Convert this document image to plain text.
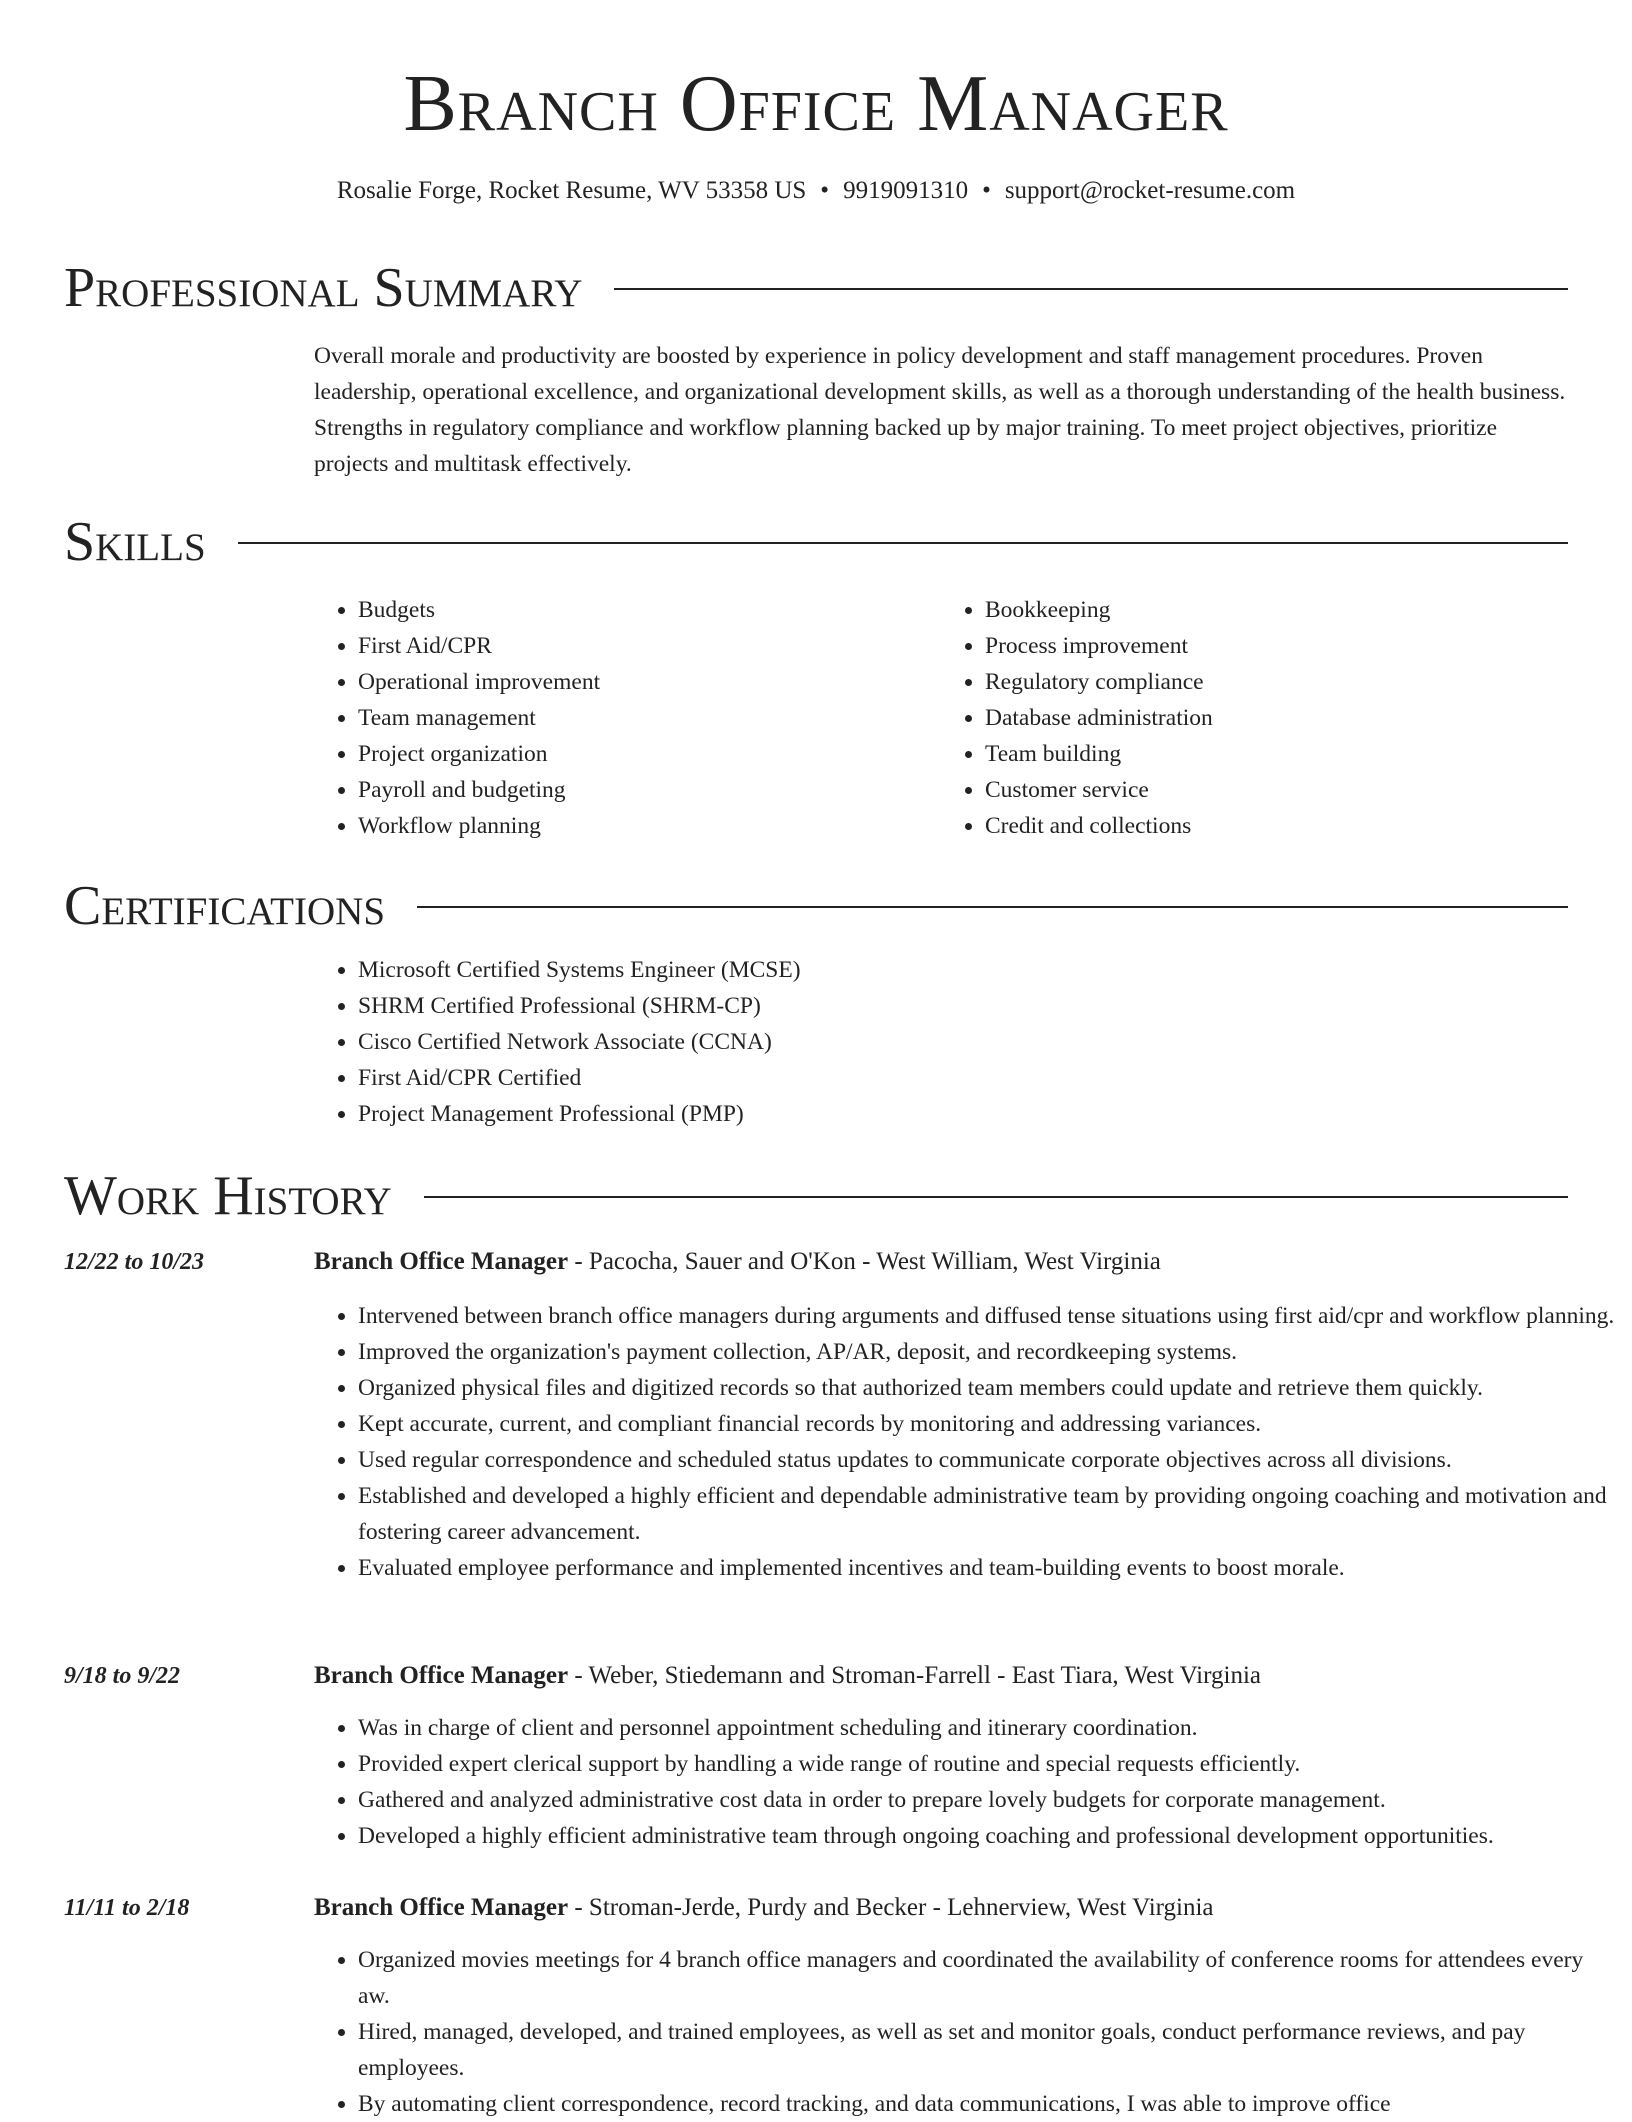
Branch Office Manager
Rosalie Forge, Rocket Resume, WV 53358 US • 9919091310 • support@rocket-resume.com
Professional Summary
Overall morale and productivity are boosted by experience in policy development and staff management procedures. Proven leadership, operational excellence, and organizational development skills, as well as a thorough understanding of the health business. Strengths in regulatory compliance and workflow planning backed up by major training. To meet project objectives, prioritize projects and multitask effectively.
Skills
• Budgets
• First Aid/CPR
• Operational improvement
• Team management
• Project organization
• Payroll and budgeting
• Workflow planning
• Bookkeeping
• Process improvement
• Regulatory compliance
• Database administration
• Team building
• Customer service
• Credit and collections
Certifications
• Microsoft Certified Systems Engineer (MCSE)
• SHRM Certified Professional (SHRM-CP)
• Cisco Certified Network Associate (CCNA)
• First Aid/CPR Certified
• Project Management Professional (PMP)
Work History
12/22 to 10/23	Branch Office Manager - Pacocha, Sauer and O'Kon - West William, West Virginia
• Intervened between branch office managers during arguments and diffused tense situations using first aid/cpr and workflow planning.
• Improved the organization's payment collection, AP/AR, deposit, and recordkeeping systems.
• Organized physical files and digitized records so that authorized team members could update and retrieve them quickly.
• Kept accurate, current, and compliant financial records by monitoring and addressing variances.
• Used regular correspondence and scheduled status updates to communicate corporate objectives across all divisions.
• Established and developed a highly efficient and dependable administrative team by providing ongoing coaching and motivation and fostering career advancement.
• Evaluated employee performance and implemented incentives and team-building events to boost morale.
9/18 to 9/22	Branch Office Manager - Weber, Stiedemann and Stroman-Farrell - East Tiara, West Virginia
• Was in charge of client and personnel appointment scheduling and itinerary coordination.
• Provided expert clerical support by handling a wide range of routine and special requests efficiently.
• Gathered and analyzed administrative cost data in order to prepare lovely budgets for corporate management.
• Developed a highly efficient administrative team through ongoing coaching and professional development opportunities.
11/11 to 2/18	Branch Office Manager - Stroman-Jerde, Purdy and Becker - Lehnerview, West Virginia
• Organized movies meetings for 4 branch office managers and coordinated the availability of conference rooms for attendees every aw.
• Hired, managed, developed, and trained employees, as well as set and monitor goals, conduct performance reviews, and pay employees.
• By automating client correspondence, record tracking, and data communications, I was able to improve office
